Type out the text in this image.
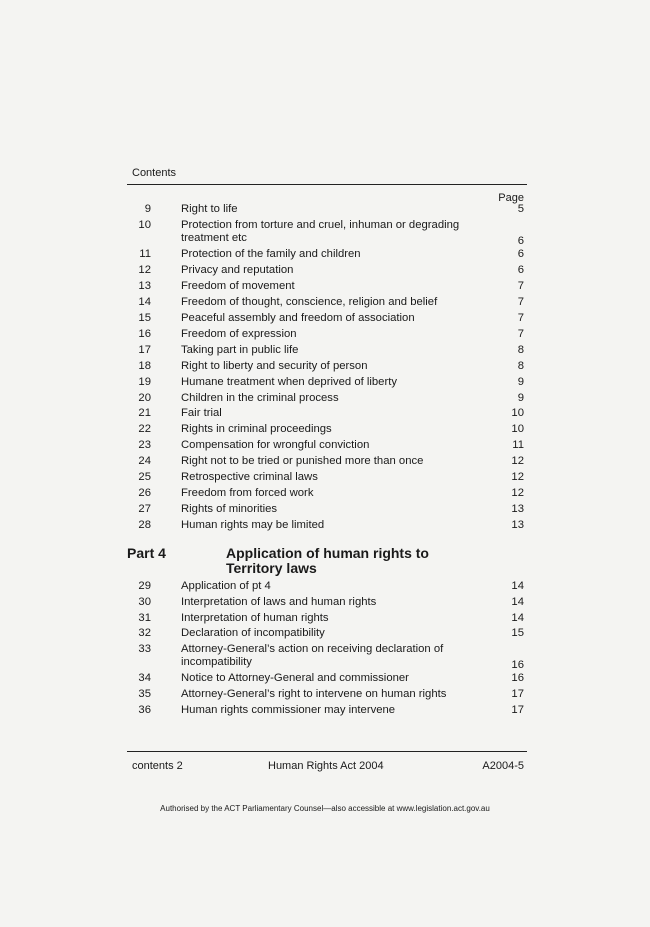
Contents
Page
9	Right to life	5
10	Protection from torture and cruel, inhuman or degrading treatment etc	6
11	Protection of the family and children	6
12	Privacy and reputation	6
13	Freedom of movement	7
14	Freedom of thought, conscience, religion and belief	7
15	Peaceful assembly and freedom of association	7
16	Freedom of expression	7
17	Taking part in public life	8
18	Right to liberty and security of person	8
19	Humane treatment when deprived of liberty	9
20	Children in the criminal process	9
21	Fair trial	10
22	Rights in criminal proceedings	10
23	Compensation for wrongful conviction	11
24	Right not to be tried or punished more than once	12
25	Retrospective criminal laws	12
26	Freedom from forced work	12
27	Rights of minorities	13
28	Human rights may be limited	13
Part 4	Application of human rights to Territory laws
29	Application of pt 4	14
30	Interpretation of laws and human rights	14
31	Interpretation of human rights	14
32	Declaration of incompatibility	15
33	Attorney-General’s action on receiving declaration of incompatibility	16
34	Notice to Attorney-General and commissioner	16
35	Attorney-General’s right to intervene on human rights	17
36	Human rights commissioner may intervene	17
contents 2	Human Rights Act 2004	A2004-5
Authorised by the ACT Parliamentary Counsel—also accessible at www.legislation.act.gov.au
